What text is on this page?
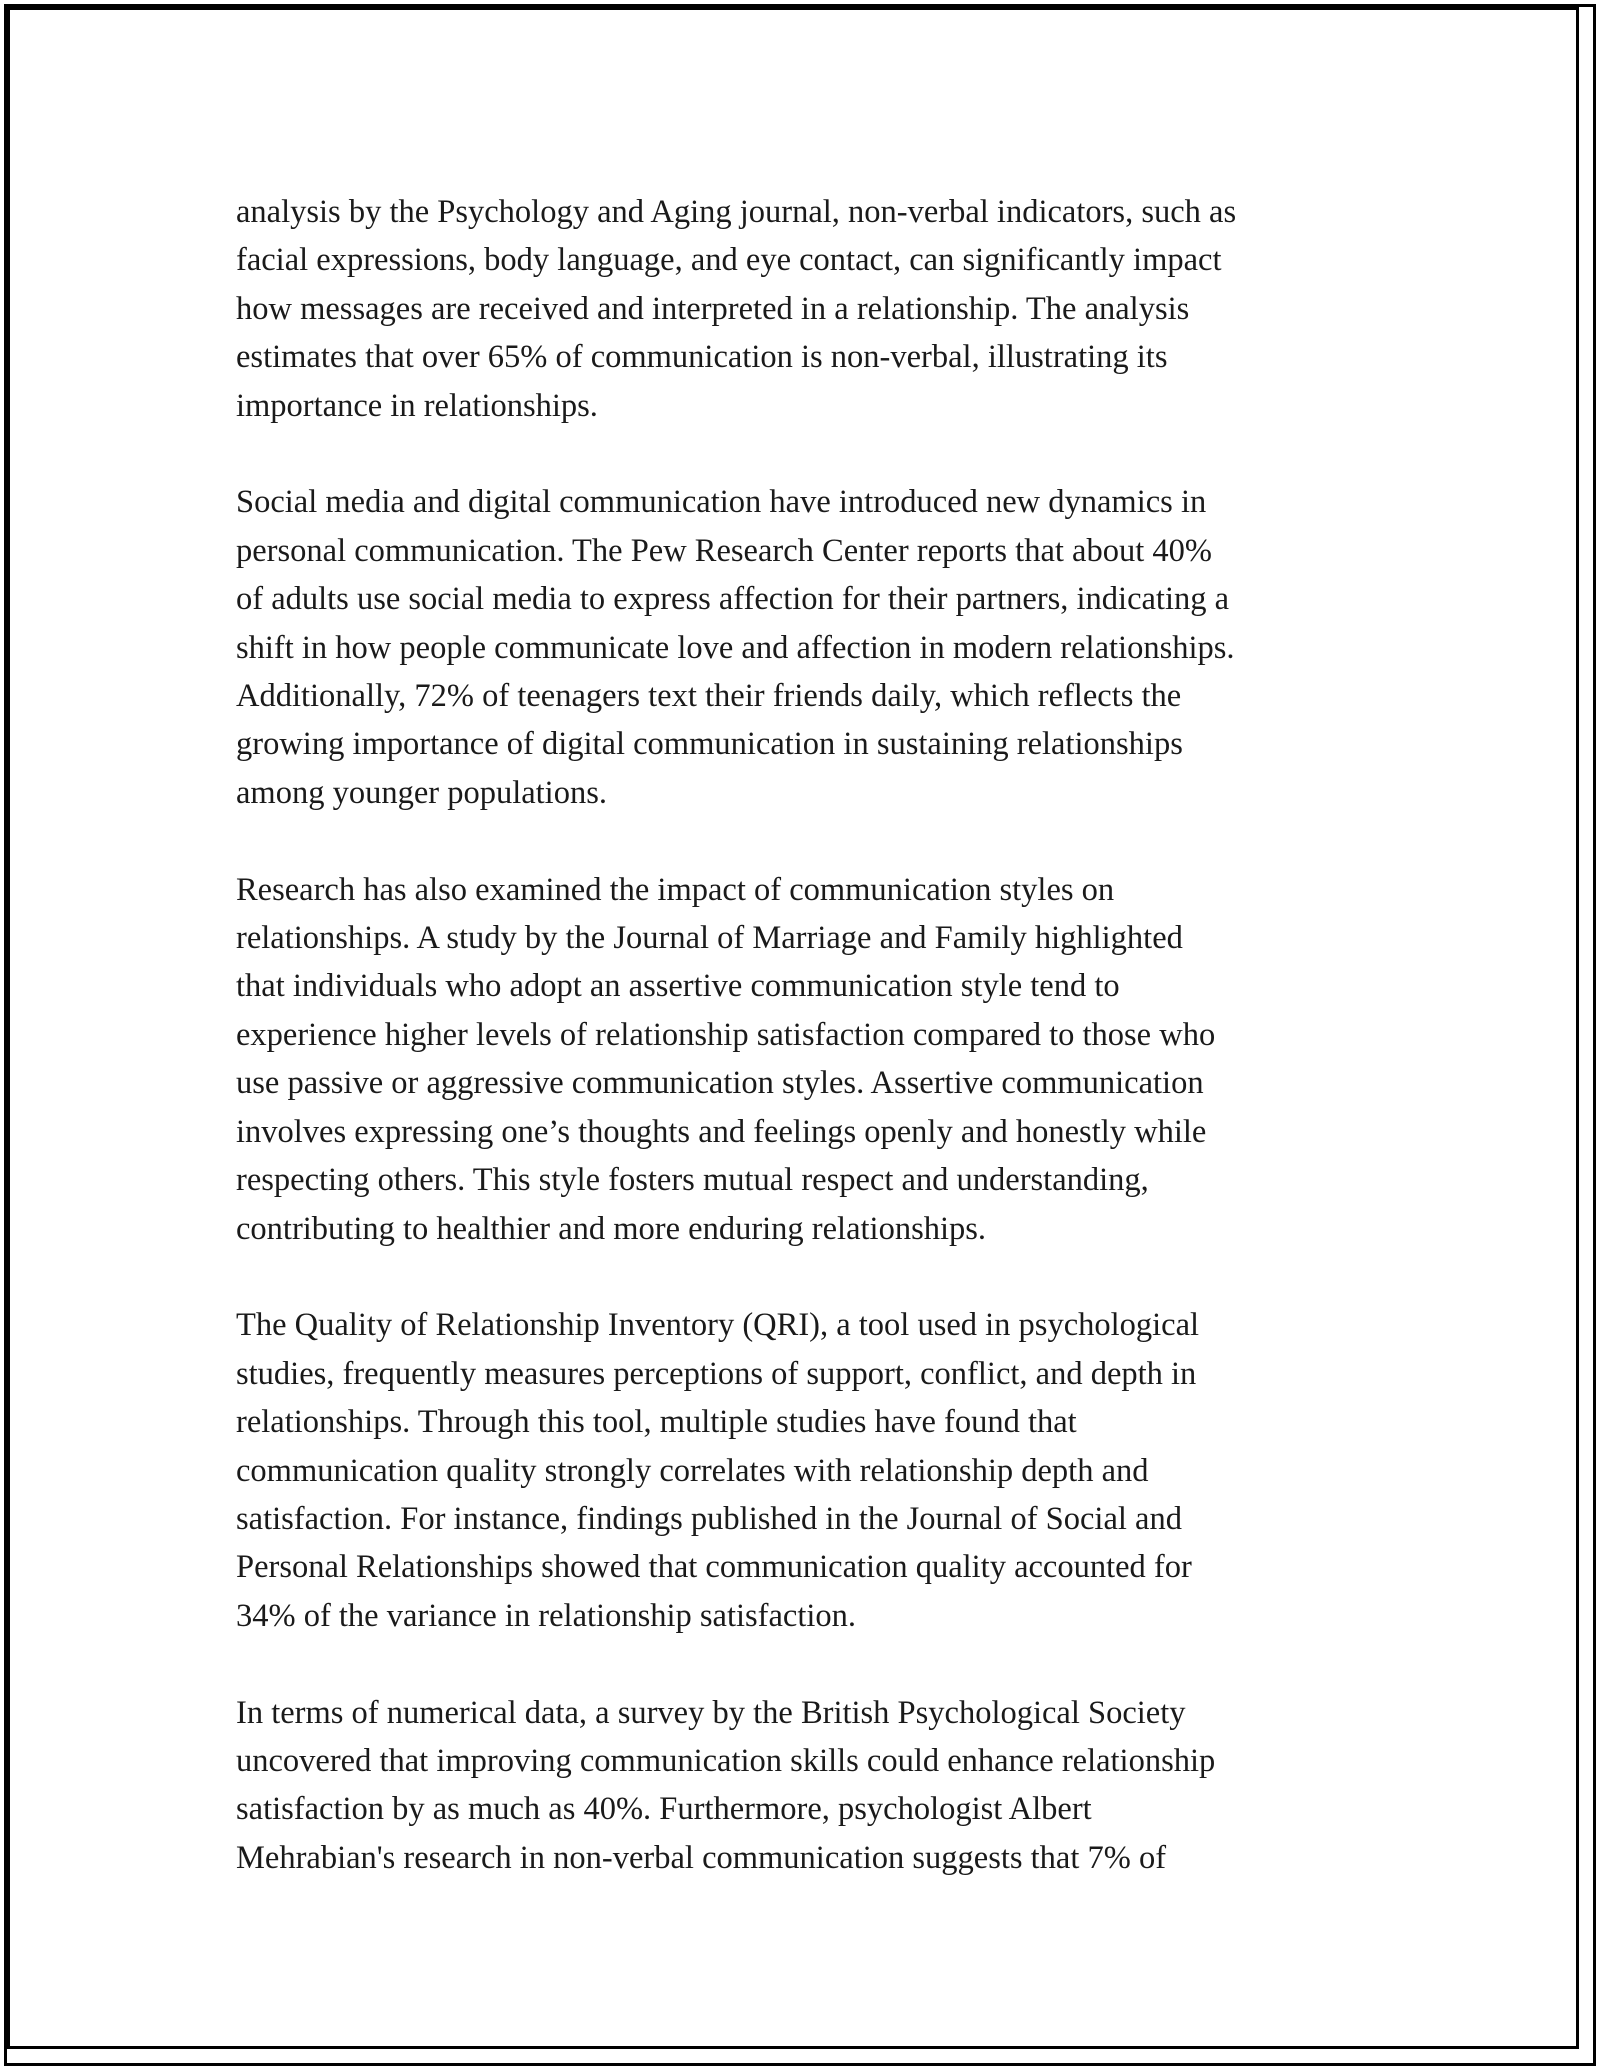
analysis by the Psychology and Aging journal, non-verbal indicators, such as
facial expressions, body language, and eye contact, can significantly impact
how messages are received and interpreted in a relationship. The analysis
estimates that over 65% of communication is non-verbal, illustrating its
importance in relationships.

Social media and digital communication have introduced new dynamics in
personal communication. The Pew Research Center reports that about 40%
of adults use social media to express affection for their partners, indicating a
shift in how people communicate love and affection in modern relationships.
Additionally, 72% of teenagers text their friends daily, which reflects the
growing importance of digital communication in sustaining relationships
among younger populations.

Research has also examined the impact of communication styles on
relationships. A study by the Journal of Marriage and Family highlighted
that individuals who adopt an assertive communication style tend to
experience higher levels of relationship satisfaction compared to those who
use passive or aggressive communication styles. Assertive communication
involves expressing one’s thoughts and feelings openly and honestly while
respecting others. This style fosters mutual respect and understanding,
contributing to healthier and more enduring relationships.

The Quality of Relationship Inventory (QRI), a tool used in psychological
studies, frequently measures perceptions of support, conflict, and depth in
relationships. Through this tool, multiple studies have found that
communication quality strongly correlates with relationship depth and
satisfaction. For instance, findings published in the Journal of Social and
Personal Relationships showed that communication quality accounted for
34% of the variance in relationship satisfaction.

In terms of numerical data, a survey by the British Psychological Society
uncovered that improving communication skills could enhance relationship
satisfaction by as much as 40%. Furthermore, psychologist Albert
Mehrabian's research in non-verbal communication suggests that 7% of
